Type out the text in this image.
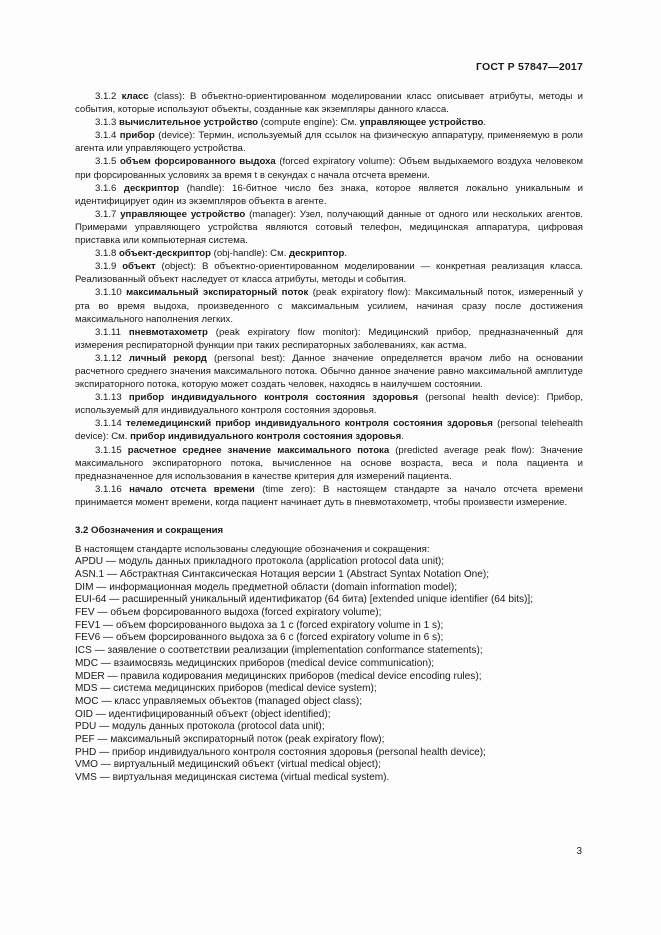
ГОСТ Р 57847—2017

3.1.2 класс (class): В объектно-ориентированном моделировании класс описывает атрибуты, методы и события, которые используют объекты, созданные как экземпляры данного класса.

3.1.3 вычислительное устройство (compute engine): См. управляющее устройство.

3.1.4 прибор (device): Термин, используемый для ссылок на физическую аппаратуру, применяемую в роли агента или управляющего устройства.

3.1.5 объем форсированного выдоха (forced expiratory volume): Объем выдыхаемого воздуха человеком при форсированных условиях за время t в секундах с начала отсчета времени.

3.1.6 дескриптор (handle): 16-битное число без знака, которое является локально уникальным и идентифицирует один из экземпляров объекта в агенте.

3.1.7 управляющее устройство (manager): Узел, получающий данные от одного или нескольких агентов. Примерами управляющего устройства являются сотовый телефон, медицинская аппаратура, цифровая приставка или компьютерная система.

3.1.8 объект-дескриптор (obj-handle): См. дескриптор.

3.1.9 объект (object): В объектно-ориентированном моделировании — конкретная реализация класса. Реализованный объект наследует от класса атрибуты, методы и события.

3.1.10 максимальный экспираторный поток (peak expiratory flow): Максимальный поток, измеренный у рта во время выдоха, произведенного с максимальным усилием, начиная сразу после достижения максимального наполнения легких.

3.1.11 пневмотахометр (peak expiratory flow monitor): Медицинский прибор, предназначенный для измерения респираторной функции при таких респираторных заболеваниях, как астма.

3.1.12 личный рекорд (personal best): Данное значение определяется врачом либо на основании расчетного среднего значения максимального потока. Обычно данное значение равно максимальной амплитуде экспираторного потока, которую может создать человек, находясь в наилучшем состоянии.

3.1.13 прибор индивидуального контроля состояния здоровья (personal health device): Прибор, используемый для индивидуального контроля состояния здоровья.

3.1.14 телемедицинский прибор индивидуального контроля состояния здоровья (personal telehealth device): См. прибор индивидуального контроля состояния здоровья.

3.1.15 расчетное среднее значение максимального потока (predicted average peak flow): Значение максимального экспираторного потока, вычисленное на основе возраста, веса и пола пациента и предназначенное для использования в качестве критерия для измерений пациента.

3.1.16 начало отсчета времени (time zero): В настоящем стандарте за начало отсчета времени принимается момент времени, когда пациент начинает дуть в пневмотахометр, чтобы произвести измерение.

3.2 Обозначения и сокращения

В настоящем стандарте использованы следующие обозначения и сокращения:

APDU — модуль данных прикладного протокола (application protocol data unit);
ASN.1 — Абстрактная Синтаксическая Нотация версии 1 (Abstract Syntax Notation One);
DIM — информационная модель предметной области (domain information model);
EUI-64 — расширенный уникальный идентификатор (64 бита) [extended unique identifier (64 bits)];
FEV — объем форсированного выдоха (forced expiratory volume);
FEV1 — объем форсированного выдоха за 1 с (forced expiratory volume in 1 s);
FEV6 — объем форсированного выдоха за 6 с (forced expiratory volume in 6 s);
ICS — заявление о соответствии реализации (implementation conformance statements);
MDC — взаимосвязь медицинских приборов (medical device communication);
MDER — правила кодирования медицинских приборов (medical device encoding rules);
MDS — система медицинских приборов (medical device system);
MOC — класс управляемых объектов (managed object class);
OID — идентифицированный объект (object identified);
PDU — модуль данных протокола (protocol data unit);
PEF — максимальный экспираторный поток (peak expiratory flow);
PHD — прибор индивидуального контроля состояния здоровья (personal health device);
VMO — виртуальный медицинский объект (virtual medical object);
VMS — виртуальная медицинская система (virtual medical system).
3
